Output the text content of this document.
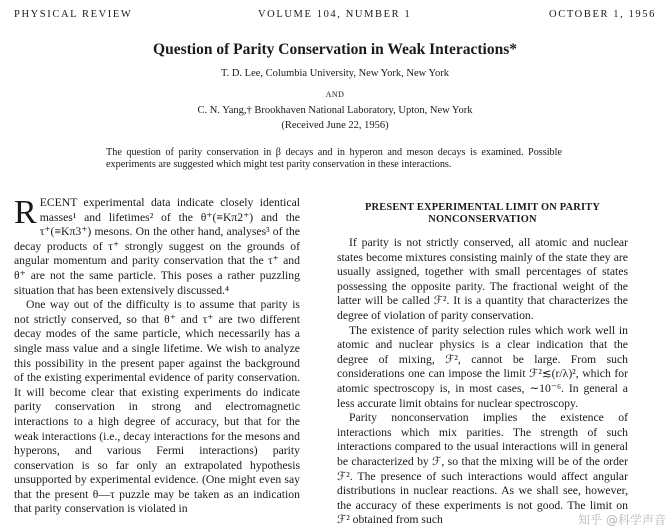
PHYSICAL REVIEW	VOLUME 104, NUMBER 1	OCTOBER 1, 1956
Question of Parity Conservation in Weak Interactions*
T. D. Lee, Columbia University, New York, New York
AND
C. N. Yang,† Brookhaven National Laboratory, Upton, New York
(Received June 22, 1956)
The question of parity conservation in β decays and in hyperon and meson decays is examined. Possible experiments are suggested which might test parity conservation in these interactions.

RECENT experimental data indicate closely identical masses¹ and lifetimes² of the θ⁺(≡Kπ2⁺) and the τ⁺(≡Kπ3⁺) mesons. On the other hand, analyses³ of the decay products of τ⁺ strongly suggest on the grounds of angular momentum and parity conservation that the τ⁺ and θ⁺ are not the same particle. This poses a rather puzzling situation that has been extensively discussed.⁴

One way out of the difficulty is to assume that parity is not strictly conserved, so that θ⁺ and τ⁺ are two different decay modes of the same particle, which necessarily has a single mass value and a single lifetime. We wish to analyze this possibility in the present paper against the background of the existing experimental evidence of parity conservation. It will become clear that existing experiments do indicate parity conservation in strong and electromagnetic interactions to a high degree of accuracy, but that for the weak interactions (i.e., decay interactions for the mesons and hyperons, and various Fermi interactions) parity conservation is so far only an extrapolated hypothesis unsupported by experimental evidence. (One might even say that the present θ—τ puzzle may be taken as an indication that parity conservation is violated in

PRESENT EXPERIMENTAL LIMIT ON PARITY NONCONSERVATION

If parity is not strictly conserved, all atomic and nuclear states become mixtures consisting mainly of the state they are usually assigned, together with small percentages of states possessing the opposite parity. The fractional weight of the latter will be called ℱ². It is a quantity that characterizes the degree of violation of parity conservation.

The existence of parity selection rules which work well in atomic and nuclear physics is a clear indication that the degree of mixing, ℱ², cannot be large. From such considerations one can impose the limit ℱ²≲(r/λ)², which for atomic spectroscopy is, in most cases, ∼10⁻⁶. In general a less accurate limit obtains for nuclear spectroscopy.

Parity nonconservation implies the existence of interactions which mix parities. The strength of such interactions compared to the usual interactions will in general be characterized by ℱ, so that the mixing will be of the order ℱ². The presence of such interactions would affect angular distributions in nuclear reactions. As we shall see, however, the accuracy of these experiments is not good. The limit on ℱ² obtained from such	知乎 @科学声音
